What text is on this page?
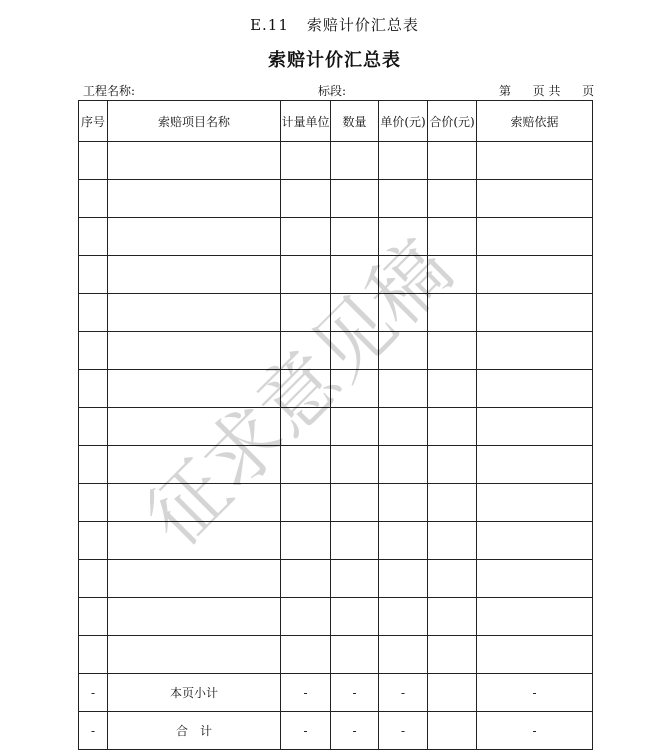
E.11 索赔计价汇总表
索赔计价汇总表
工程名称:	标段:	第 页 共 页
序号	索赔项目名称	计量单位	数量	单价(元)	合价(元)	索赔依据

-	本页小计	-	-	-		-
-	合　计	-	-	-		-
征求意见稿
